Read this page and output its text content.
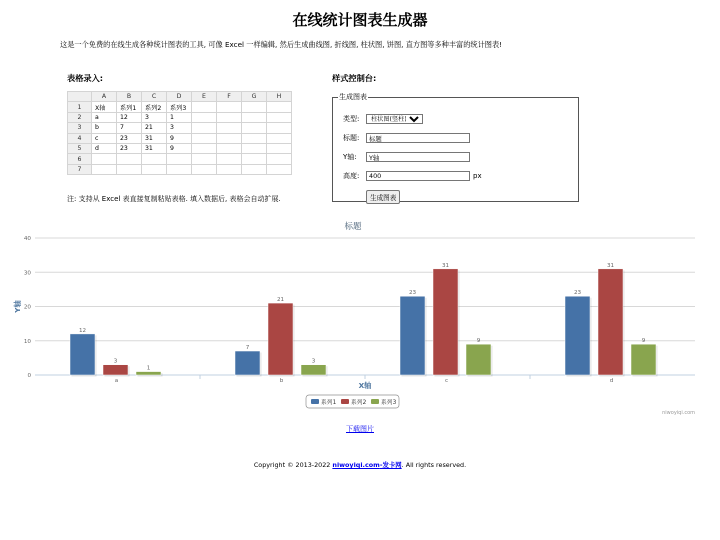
在线统计图表生成器
这是一个免费的在线生成各种统计图表的工具, 可像 Excel 一样编辑, 然后生成曲线图, 折线图, 柱状图, 饼图, 直方图等多种丰富的统计图表!
表格录入:	样式控制台:
	A	B	C	D	E	F	G	H
1	X轴	系列1	系列2	系列3				
2	a	12	3	1				
3	b	7	21	3				
4	c	23	31	9				
5	d	23	31	9				
6								
7								
注: 支持从 Excel 表直接复制粘贴表格. 填入数据后, 表格会自动扩展.
生成图表
类型:
柱状图(竖柱)
标题:
标题
Y轴:
Y轴
高度:
400	px
生成图表
标题
0
10
20
30
40
Y轴
12
3
1
a
7
21
3
b
23
31
9
c
23
31
9
d
X轴
系列1	系列2	系列3
niwoyiqi.com
下载图片
Copyright © 2013-2022 niwoyiqi.com-发卡网. All rights reserved.
